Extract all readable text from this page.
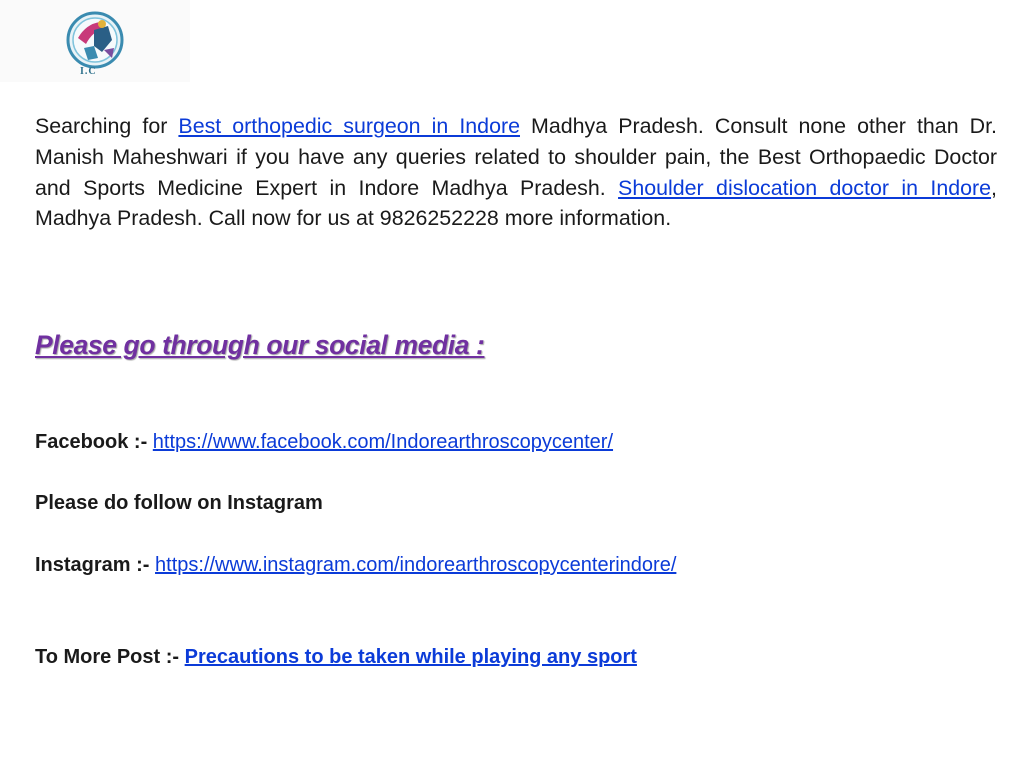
I.C

Searching for Best orthopedic surgeon in Indore Madhya Pradesh. Consult none other than Dr. Manish Maheshwari if you have any queries related to shoulder pain, the Best Orthopaedic Doctor and Sports Medicine Expert in Indore Madhya Pradesh. Shoulder dislocation doctor in Indore, Madhya Pradesh. Call now for us at 9826252228 more information.

Please go through our social media :

Facebook :- https://www.facebook.com/Indorearthroscopycenter/

Please do follow on Instagram

Instagram :- https://www.instagram.com/indorearthroscopycenterindore/

To More Post :- Precautions to be taken while playing any sport
